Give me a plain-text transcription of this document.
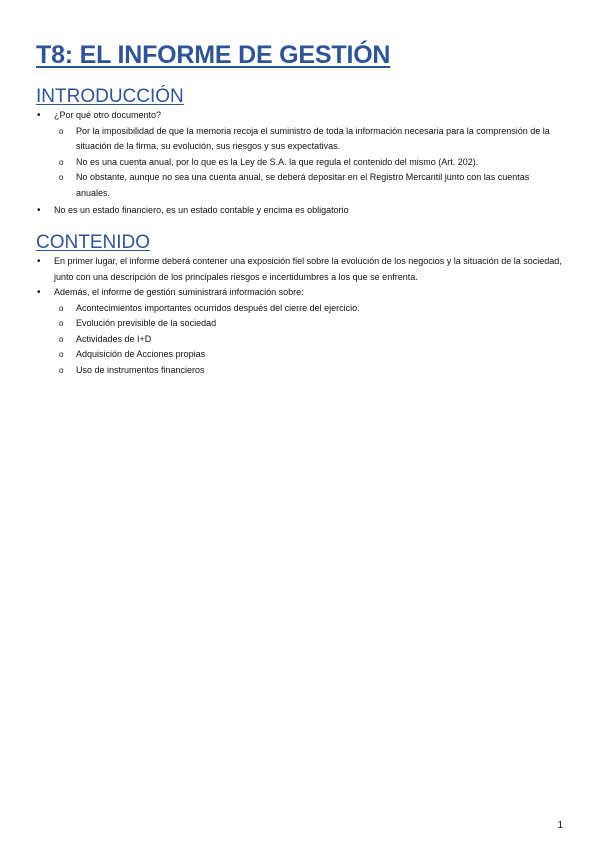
T8: EL INFORME DE GESTIÓN
INTRODUCCIÓN
• ¿Por qué otro documento?
o Por la imposibilidad de que la memoria recoja el suministro de toda la información necesaria para la comprensión de la situación de la firma, su evolución, sus riesgos y sus expectativas.
o No es una cuenta anual, por lo que es la Ley de S.A. la que regula el contenido del mismo (Art. 202).
o No obstante, aunque no sea una cuenta anual, se deberá depositar en el Registro Mercantil junto con las cuentas anuales.
• No es un estado financiero, es un estado contable y encima es obligatorio
CONTENIDO
• En primer lugar, el informe deberá contener una exposición fiel sobre la evolución de los negocios y la situación de la sociedad, junto con una descripción de los principales riesgos e incertidumbres a los que se enfrenta.
• Además, el informe de gestión suministrará información sobre:
o Acontecimientos importantes ocurridos después del cierre del ejercicio.
o Evolución previsible de la sociedad
o Actividades de I+D
o Adquisición de Acciones propias
o Uso de instrumentos financieros
1
